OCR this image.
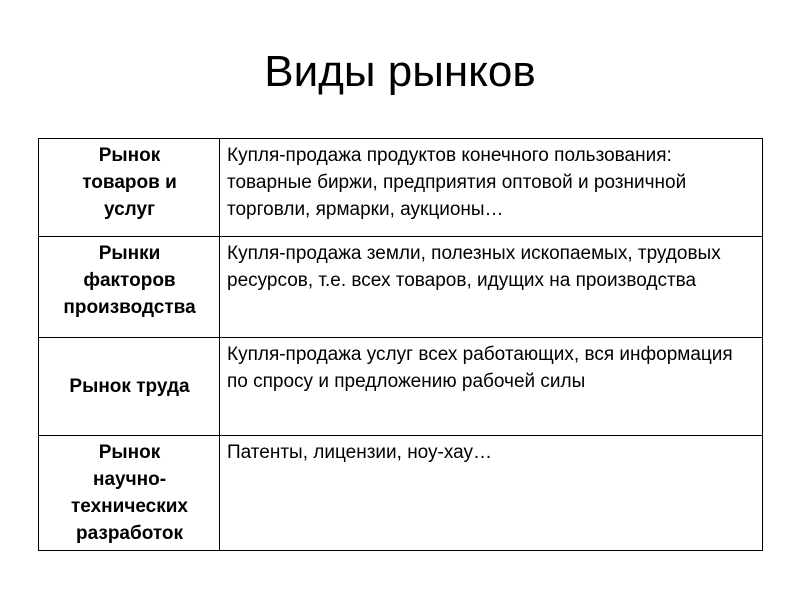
Виды рынков
Рынок
товаров и
услуг	Купля-продажа продуктов конечного пользования: товарные биржи, предприятия оптовой и розничной торговли, ярмарки, аукционы…
Рынки
факторов
производства	Купля-продажа земли, полезных ископаемых, трудовых ресурсов, т.е. всех товаров, идущих на производства
Рынок труда	Купля-продажа услуг всех работающих, вся информация по спросу и предложению рабочей силы
Рынок
научно-
технических
разработок	Патенты, лицензии, ноу-хау…
